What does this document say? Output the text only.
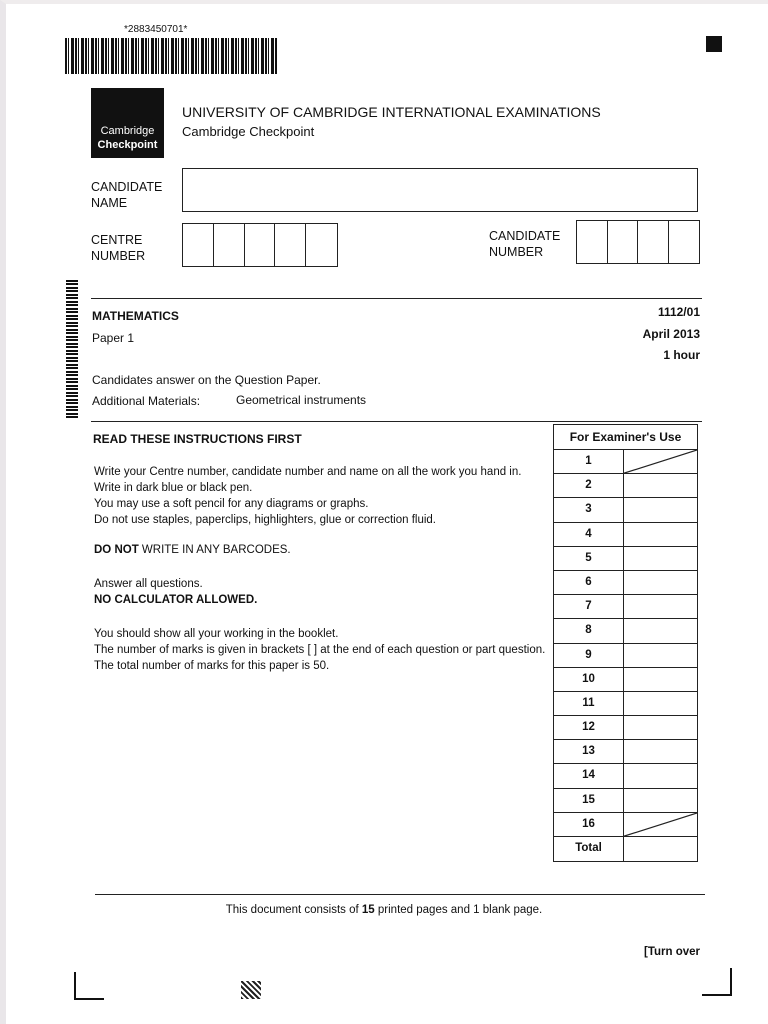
*2883450701*
Cambridge
Checkpoint
UNIVERSITY OF CAMBRIDGE INTERNATIONAL EXAMINATIONS
Cambridge Checkpoint
CANDIDATE
NAME
CENTRE
NUMBER
CANDIDATE
NUMBER
MATHEMATICS
Paper 1
1112/01
April 2013
1 hour
Candidates answer on the Question Paper.
Additional Materials:	Geometrical instruments
READ THESE INSTRUCTIONS FIRST

Write your Centre number, candidate number and name on all the work you hand in.

Write in dark blue or black pen.

You may use a soft pencil for any diagrams or graphs.

Do not use staples, paperclips, highlighters, glue or correction fluid.

DO NOT WRITE IN ANY BARCODES.

Answer all questions.

NO CALCULATOR ALLOWED.

You should show all your working in the booklet.

The number of marks is given in brackets [ ] at the end of each question or part question.

The total number of marks for this paper is 50.

For Examiner's Use
1
2
3
4
5
6
7
8
9
10
11
12
13
14
15
16
Total
This document consists of 15 printed pages and 1 blank page.
[Turn over
